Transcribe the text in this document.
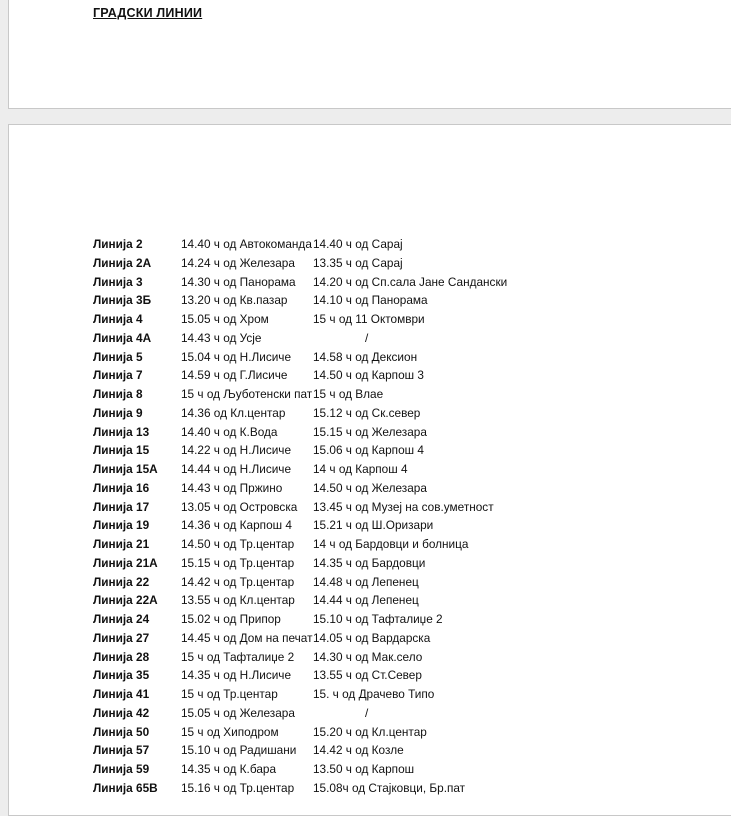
ГРАДСКИ ЛИНИИ
Линија 2	14.40 ч од Автокоманда 14.40 ч од Сарај
Линија 2А	14.24 ч од Железара 13.35 ч од Сарај
Линија 3	14.30 ч од Панорама 14.20 ч од Сп.сала Јане Сандански
Линија 3Б	13.20 ч од Кв.пазар 14.10 ч од Панорама
Линија 4	15.05 ч од Хром	15 ч од 11 Октомври
Линија 4А	14.43 ч од Усје	/
Линија 5	15.04 ч од Н.Лисиче 14.58 ч од Дексион
Линија 7	14.59 ч од Г.Лисиче 14.50 ч од Карпош 3
Линија 8	15 ч од Љуботенски пат 15 ч од Влае
Линија 9	14.36 од Кл.центар 15.12 ч од Ск.север
Линија 13	14.40 ч од К.Вода	15.15 ч од Железара
Линија 15	14.22 ч од Н.Лисиче 15.06 ч од Карпош 4
Линија 15А 14.44 ч од Н.Лисиче 14 ч од Карпош 4
Линија 16	14.43 ч од Пржино	14.50 ч од Железара
Линија 17	13.05 ч од Островска 13.45 ч од Музеј на сов.уметност
Линија 19	14.36 ч од Карпош 4 15.21 ч од Ш.Оризари
Линија 21	14.50 ч од Тр.центар 14 ч од Бардовци и болница
Линија 21А 15.15 ч од Тр.центар 14.35 ч од Бардовци
Линија 22	14.42 ч од Тр.центар 14.48 ч од Лепенец
Линија 22А 13.55 ч од Кл.центар 14.44 ч од Лепенец
Линија 24	15.02 ч од Припор	15.10 ч од Тафталиџе 2
Линија 27	14.45 ч од Дом на печат 14.05 ч од Вардарска
Линија 28	15 ч од Тафталиџе 2 14.30 ч од Мак.село
Линија 35	14.35 ч од Н.Лисиче 13.55 ч од Ст.Север
Линија 41	15 ч од Тр.центар	15. ч од Драчево Типо
Линија 42	15.05 ч од Железара	/
Линија 50	15 ч од Хиподром	15.20 ч од Кл.центар
Линија 57	15.10 ч од Радишани 14.42 ч од Козле
Линија 59	14.35 ч од К.бара	13.50 ч од Карпош
Линија 65В 15.16 ч од Тр.центар 15.08ч од Стајковци, Бр.пат
